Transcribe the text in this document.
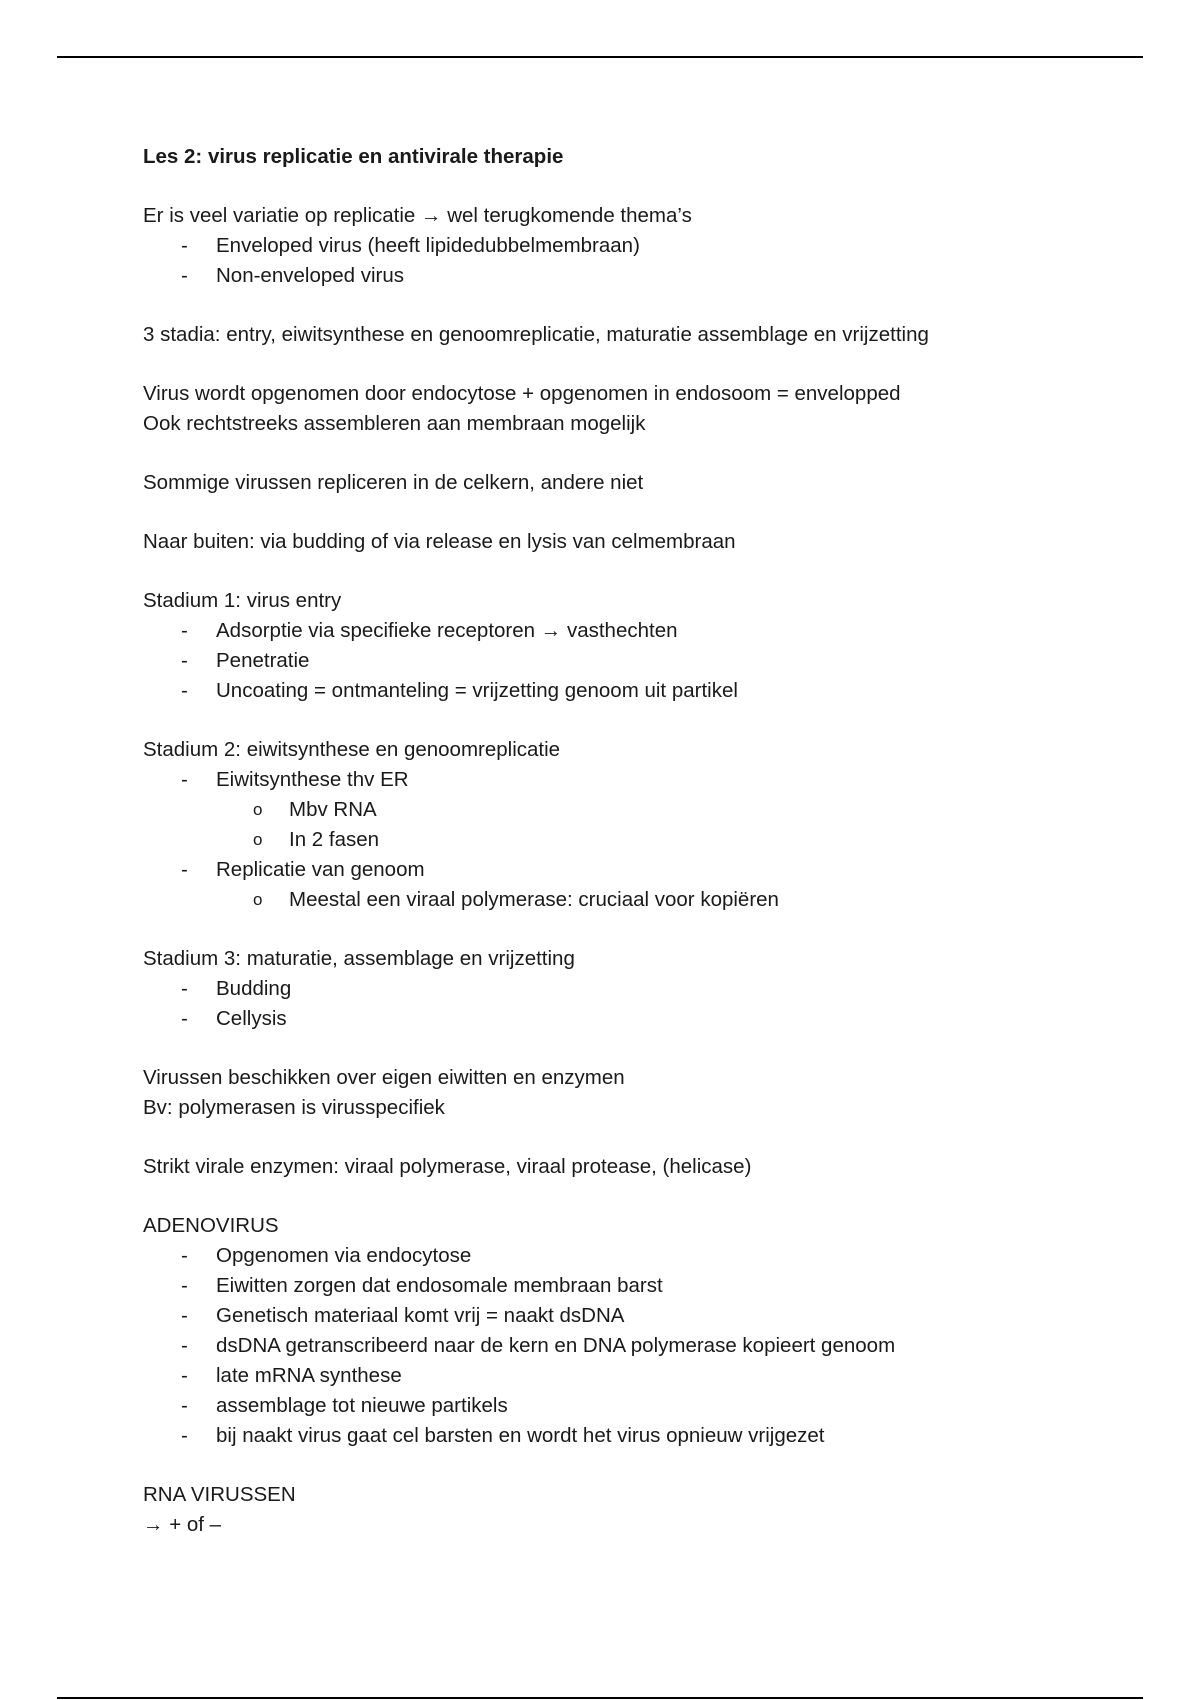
Les 2: virus replicatie en antivirale therapie
Er is veel variatie op replicatie → wel terugkomende thema’s
- Enveloped virus (heeft lipidedubbelmembraan)
- Non-enveloped virus
3 stadia: entry, eiwitsynthese en genoomreplicatie, maturatie assemblage en vrijzetting
Virus wordt opgenomen door endocytose + opgenomen in endosoom = envelopped
Ook rechtstreeks assembleren aan membraan mogelijk
Sommige virussen repliceren in de celkern, andere niet
Naar buiten: via budding of via release en lysis van celmembraan
Stadium 1: virus entry
- Adsorptie via specifieke receptoren → vasthechten
- Penetratie
- Uncoating = ontmanteling = vrijzetting genoom uit partikel
Stadium 2: eiwitsynthese en genoomreplicatie
- Eiwitsynthese thv ER
o Mbv RNA
o In 2 fasen
- Replicatie van genoom
o Meestal een viraal polymerase: cruciaal voor kopiëren
Stadium 3: maturatie, assemblage en vrijzetting
- Budding
- Cellysis
Virussen beschikken over eigen eiwitten en enzymen
Bv: polymerasen is virusspecifiek
Strikt virale enzymen: viraal polymerase, viraal protease, (helicase)
ADENOVIRUS
- Opgenomen via endocytose
- Eiwitten zorgen dat endosomale membraan barst
- Genetisch materiaal komt vrij = naakt dsDNA
- dsDNA getranscribeerd naar de kern en DNA polymerase kopieert genoom
- late mRNA synthese
- assemblage tot nieuwe partikels
- bij naakt virus gaat cel barsten en wordt het virus opnieuw vrijgezet
RNA VIRUSSEN
→ + of –
